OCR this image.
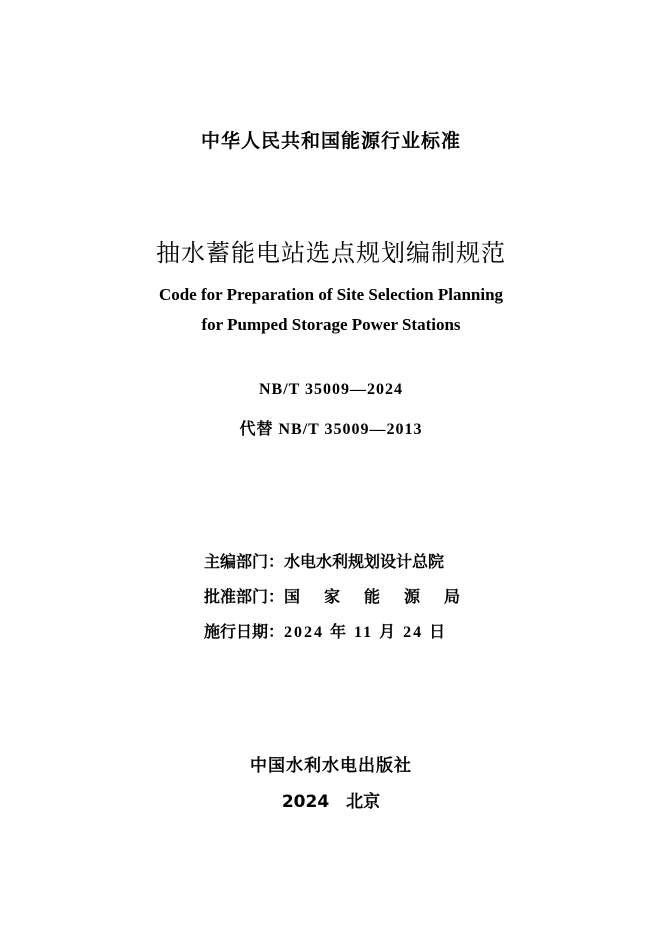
中华人民共和国能源行业标准
抽水蓄能电站选点规划编制规范
Code for Preparation of Site Selection Planning
for Pumped Storage Power Stations
NB/T 35009—2024
代替 NB/T 35009—2013
主编部门：水电水利规划设计总院
批准部门：国家能源局
施行日期：2024 年 11 月 24 日
中国水利水电出版社
2024　北京
